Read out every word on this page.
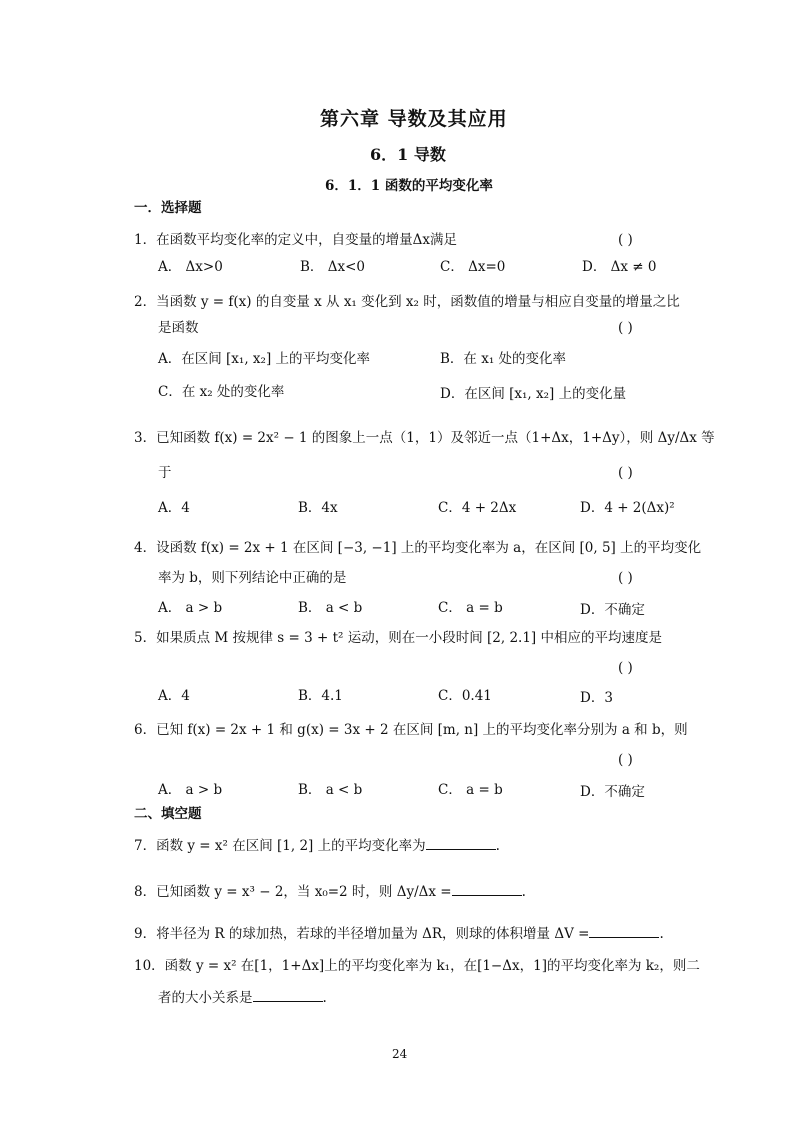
第六章 导数及其应用
6．1 导数
6．1．1 函数的平均变化率
一．选择题
1．在函数平均变化率的定义中，自变量的增量Δx满足	( )
A． Δx>0	B． Δx<0	C． Δx=0	D． Δx ≠ 0
2．当函数 y = f(x) 的自变量 x 从 x₁ 变化到 x₂ 时，函数值的增量与相应自变量的增量之比
是函数	( )
A．在区间 [x₁, x₂] 上的平均变化率	B．在 x₁ 处的变化率
C．在 x₂ 处的变化率	D．在区间 [x₁, x₂] 上的变化量
3．已知函数 f(x) = 2x² − 1 的图象上一点（1，1）及邻近一点（1+Δx，1+Δy），则 Δy/Δx 等
于	( )
A．4	B．4x	C．4 + 2Δx	D．4 + 2(Δx)²
4．设函数 f(x) = 2x + 1 在区间 [−3, −1] 上的平均变化率为 a，在区间 [0, 5] 上的平均变化
率为 b，则下列结论中正确的是	( )
A． a > b	B． a < b	C． a = b	D．不确定
5．如果质点 M 按规律 s = 3 + t² 运动，则在一小段时间 [2, 2.1] 中相应的平均速度是
( )
A．4	B．4.1	C．0.41	D．3
6．已知 f(x) = 2x + 1 和 g(x) = 3x + 2 在区间 [m, n] 上的平均变化率分别为 a 和 b，则
( )
A． a > b	B． a < b	C． a = b	D．不确定
二、填空题
7．函数 y = x² 在区间 [1, 2] 上的平均变化率为	.
8．已知函数 y = x³ − 2，当 x₀=2 时，则 Δy/Δx =	.
9．将半径为 R 的球加热，若球的半径增加量为 ΔR，则球的体积增量 ΔV =	.
10．函数 y = x² 在[1，1+Δx]上的平均变化率为 k₁，在[1−Δx，1]的平均变化率为 k₂，则二
者的大小关系是	.
24
